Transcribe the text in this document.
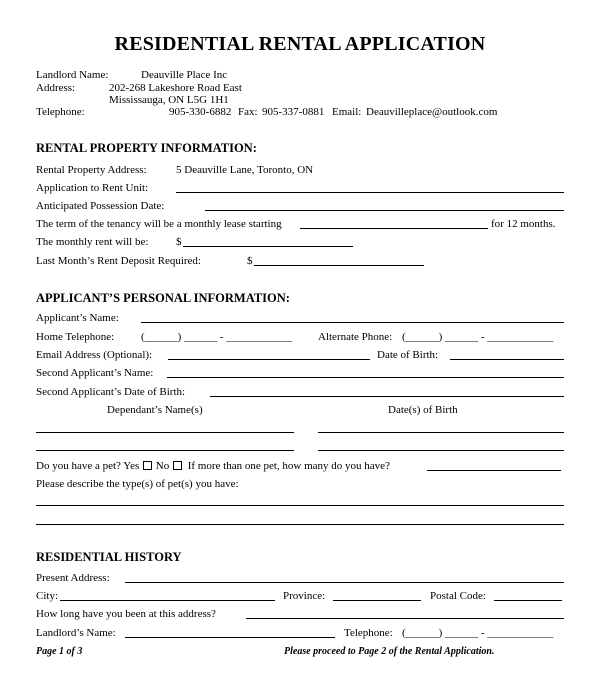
RESIDENTIAL RENTAL APPLICATION
Landlord Name:	Deauville Place Inc
Address:	202-268 Lakeshore Road East
Mississauga, ON L5G 1H1
Telephone:	905-330-6882 Fax: 905-337-0881 Email: Deauvilleplace@outlook.com
RENTAL PROPERTY INFORMATION:
Rental Property Address:	5 Deauville Lane, Toronto, ON
Application to Rent Unit:
Anticipated Possession Date:
The term of the tenancy will be a monthly lease starting	for 12 months.
The monthly rent will be:	$
Last Month’s Rent Deposit Required:	$
APPLICANT’S PERSONAL INFORMATION:
Applicant’s Name:
Home Telephone: (______) ______ - ____________ Alternate Phone: (______) ______ - ____________
Email Address (Optional):	Date of Birth:
Second Applicant’s Name:
Second Applicant’s Date of Birth:
Dependant’s Name(s)	Date(s) of Birth
Do you have a pet? Yes No If more than one pet, how many do you have?
Please describe the type(s) of pet(s) you have:
RESIDENTIAL HISTORY
Present Address:
City:	Province:	Postal Code:
How long have you been at this address?
Landlord’s Name:	Telephone: (______) ______ - ____________
Page 1 of 3	Please proceed to Page 2 of the Rental Application.
